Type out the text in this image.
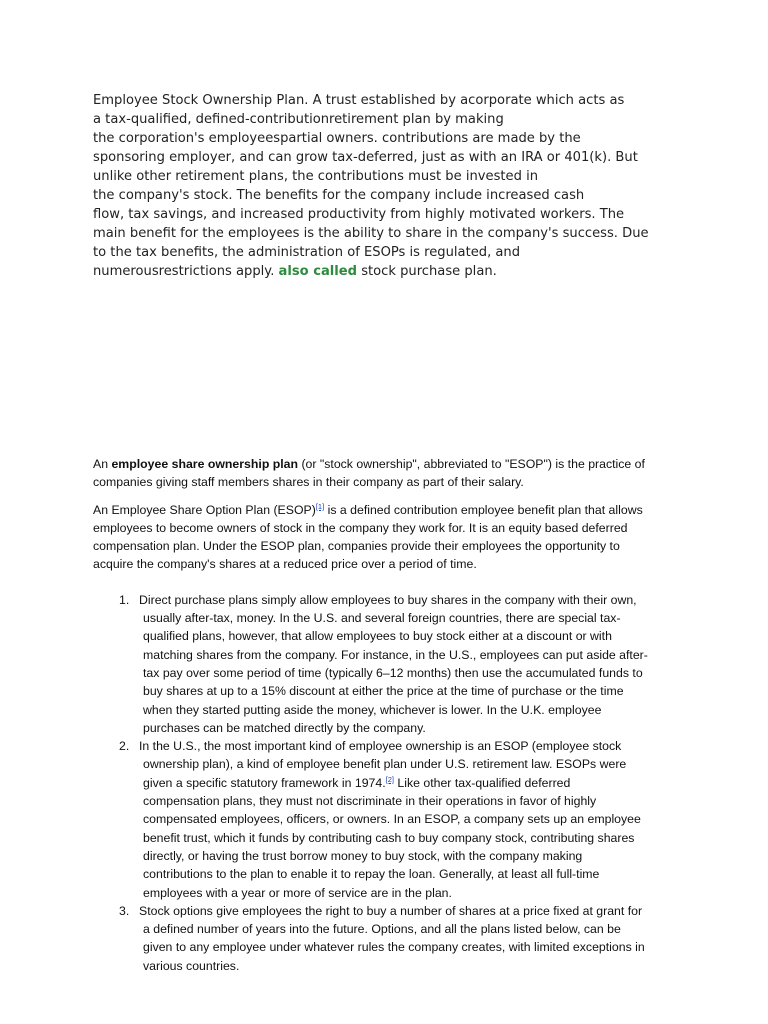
Employee Stock Ownership Plan. A trust established by acorporate which acts as
a tax-qualified, defined-contributionretirement plan by making
the corporation's employeespartial owners. contributions are made by the
sponsoring employer, and can grow tax-deferred, just as with an IRA or 401(k). But
unlike other retirement plans, the contributions must be invested in
the company's stock. The benefits for the company include increased cash
flow, tax savings, and increased productivity from highly motivated workers. The
main benefit for the employees is the ability to share in the company's success. Due
to the tax benefits, the administration of ESOPs is regulated, and
numerousrestrictions apply. also called stock purchase plan.

An employee share ownership plan (or "stock ownership", abbreviated to "ESOP") is the practice of
companies giving staff members shares in their company as part of their salary.

An Employee Share Option Plan (ESOP)[1] is a defined contribution employee benefit plan that allows
employees to become owners of stock in the company they work for. It is an equity based deferred
compensation plan. Under the ESOP plan, companies provide their employees the opportunity to
acquire the company's shares at a reduced price over a period of time.

1. Direct purchase plans simply allow employees to buy shares in the company with their own,
usually after-tax, money. In the U.S. and several foreign countries, there are special tax-
qualified plans, however, that allow employees to buy stock either at a discount or with
matching shares from the company. For instance, in the U.S., employees can put aside after-
tax pay over some period of time (typically 6–12 months) then use the accumulated funds to
buy shares at up to a 15% discount at either the price at the time of purchase or the time
when they started putting aside the money, whichever is lower. In the U.K. employee
purchases can be matched directly by the company.
2. In the U.S., the most important kind of employee ownership is an ESOP (employee stock
ownership plan), a kind of employee benefit plan under U.S. retirement law. ESOPs were
given a specific statutory framework in 1974.[2] Like other tax-qualified deferred
compensation plans, they must not discriminate in their operations in favor of highly
compensated employees, officers, or owners. In an ESOP, a company sets up an employee
benefit trust, which it funds by contributing cash to buy company stock, contributing shares
directly, or having the trust borrow money to buy stock, with the company making
contributions to the plan to enable it to repay the loan. Generally, at least all full-time
employees with a year or more of service are in the plan.
3. Stock options give employees the right to buy a number of shares at a price fixed at grant for
a defined number of years into the future. Options, and all the plans listed below, can be
given to any employee under whatever rules the company creates, with limited exceptions in
various countries.
